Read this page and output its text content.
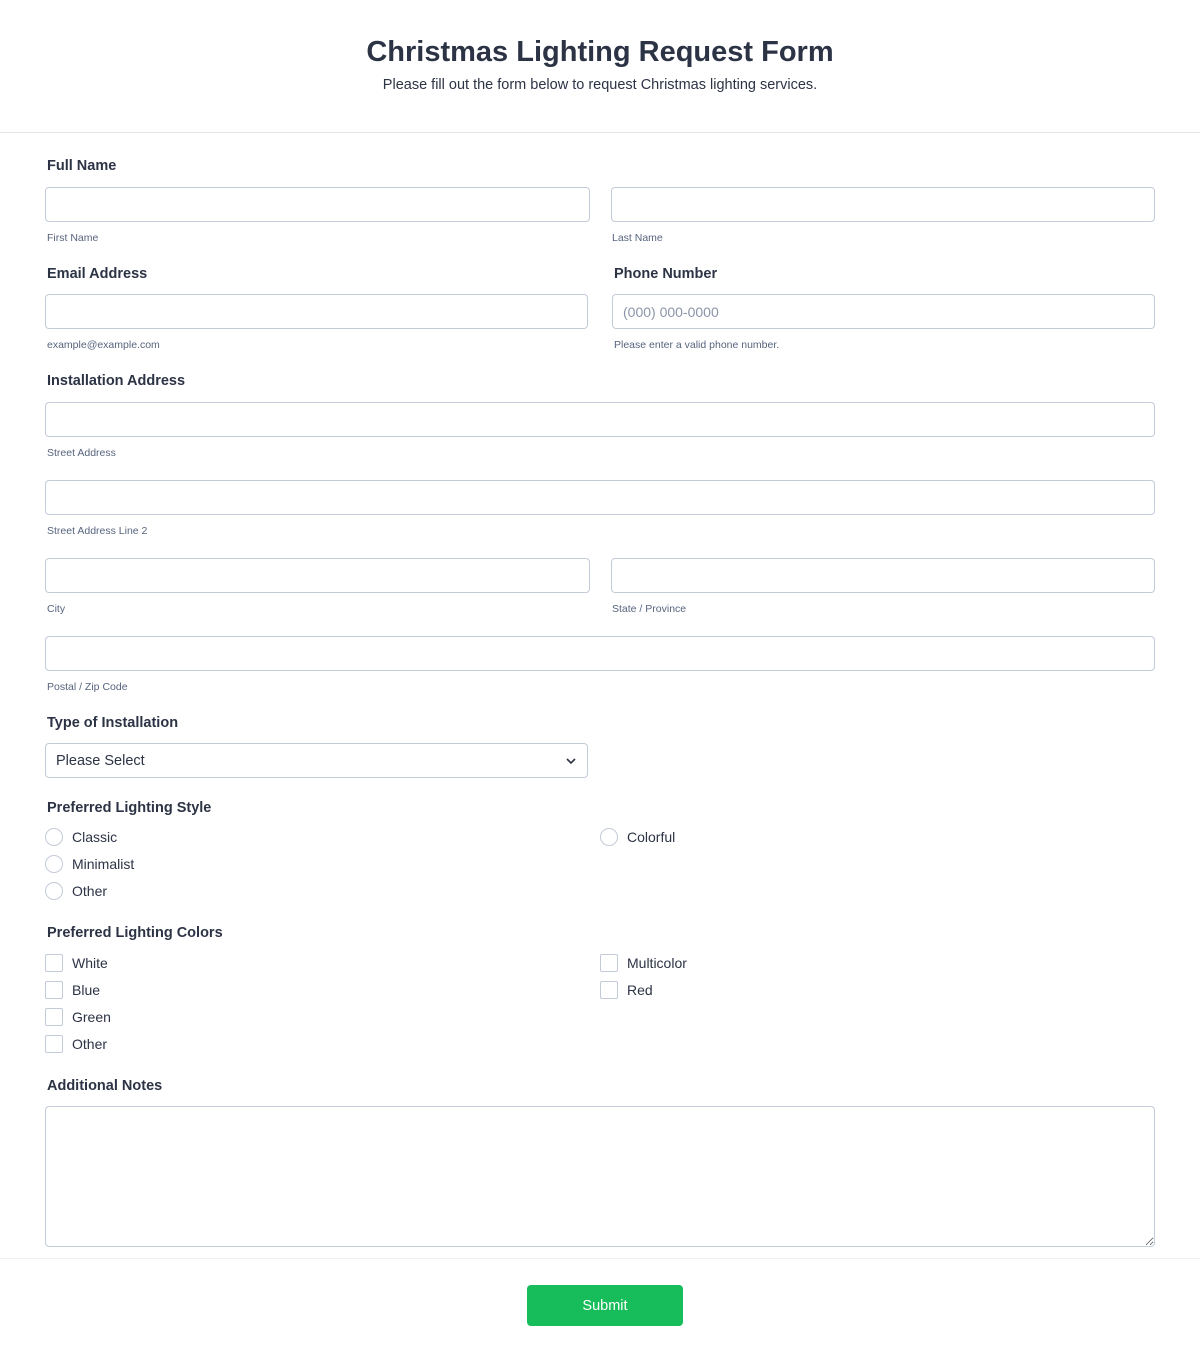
Christmas Lighting Request Form
Please fill out the form below to request Christmas lighting services.
Full Name
First Name	Last Name
Email Address
example@example.com
Phone Number
(000) 000-0000
Please enter a valid phone number.
Installation Address
Street Address
Street Address Line 2
City	State / Province
Postal / Zip Code
Type of Installation
Please Select
Preferred Lighting Style
Classic
Minimalist
Other
Colorful
Preferred Lighting Colors
White
Blue
Green
Other
Multicolor
Red
Additional Notes
Submit
